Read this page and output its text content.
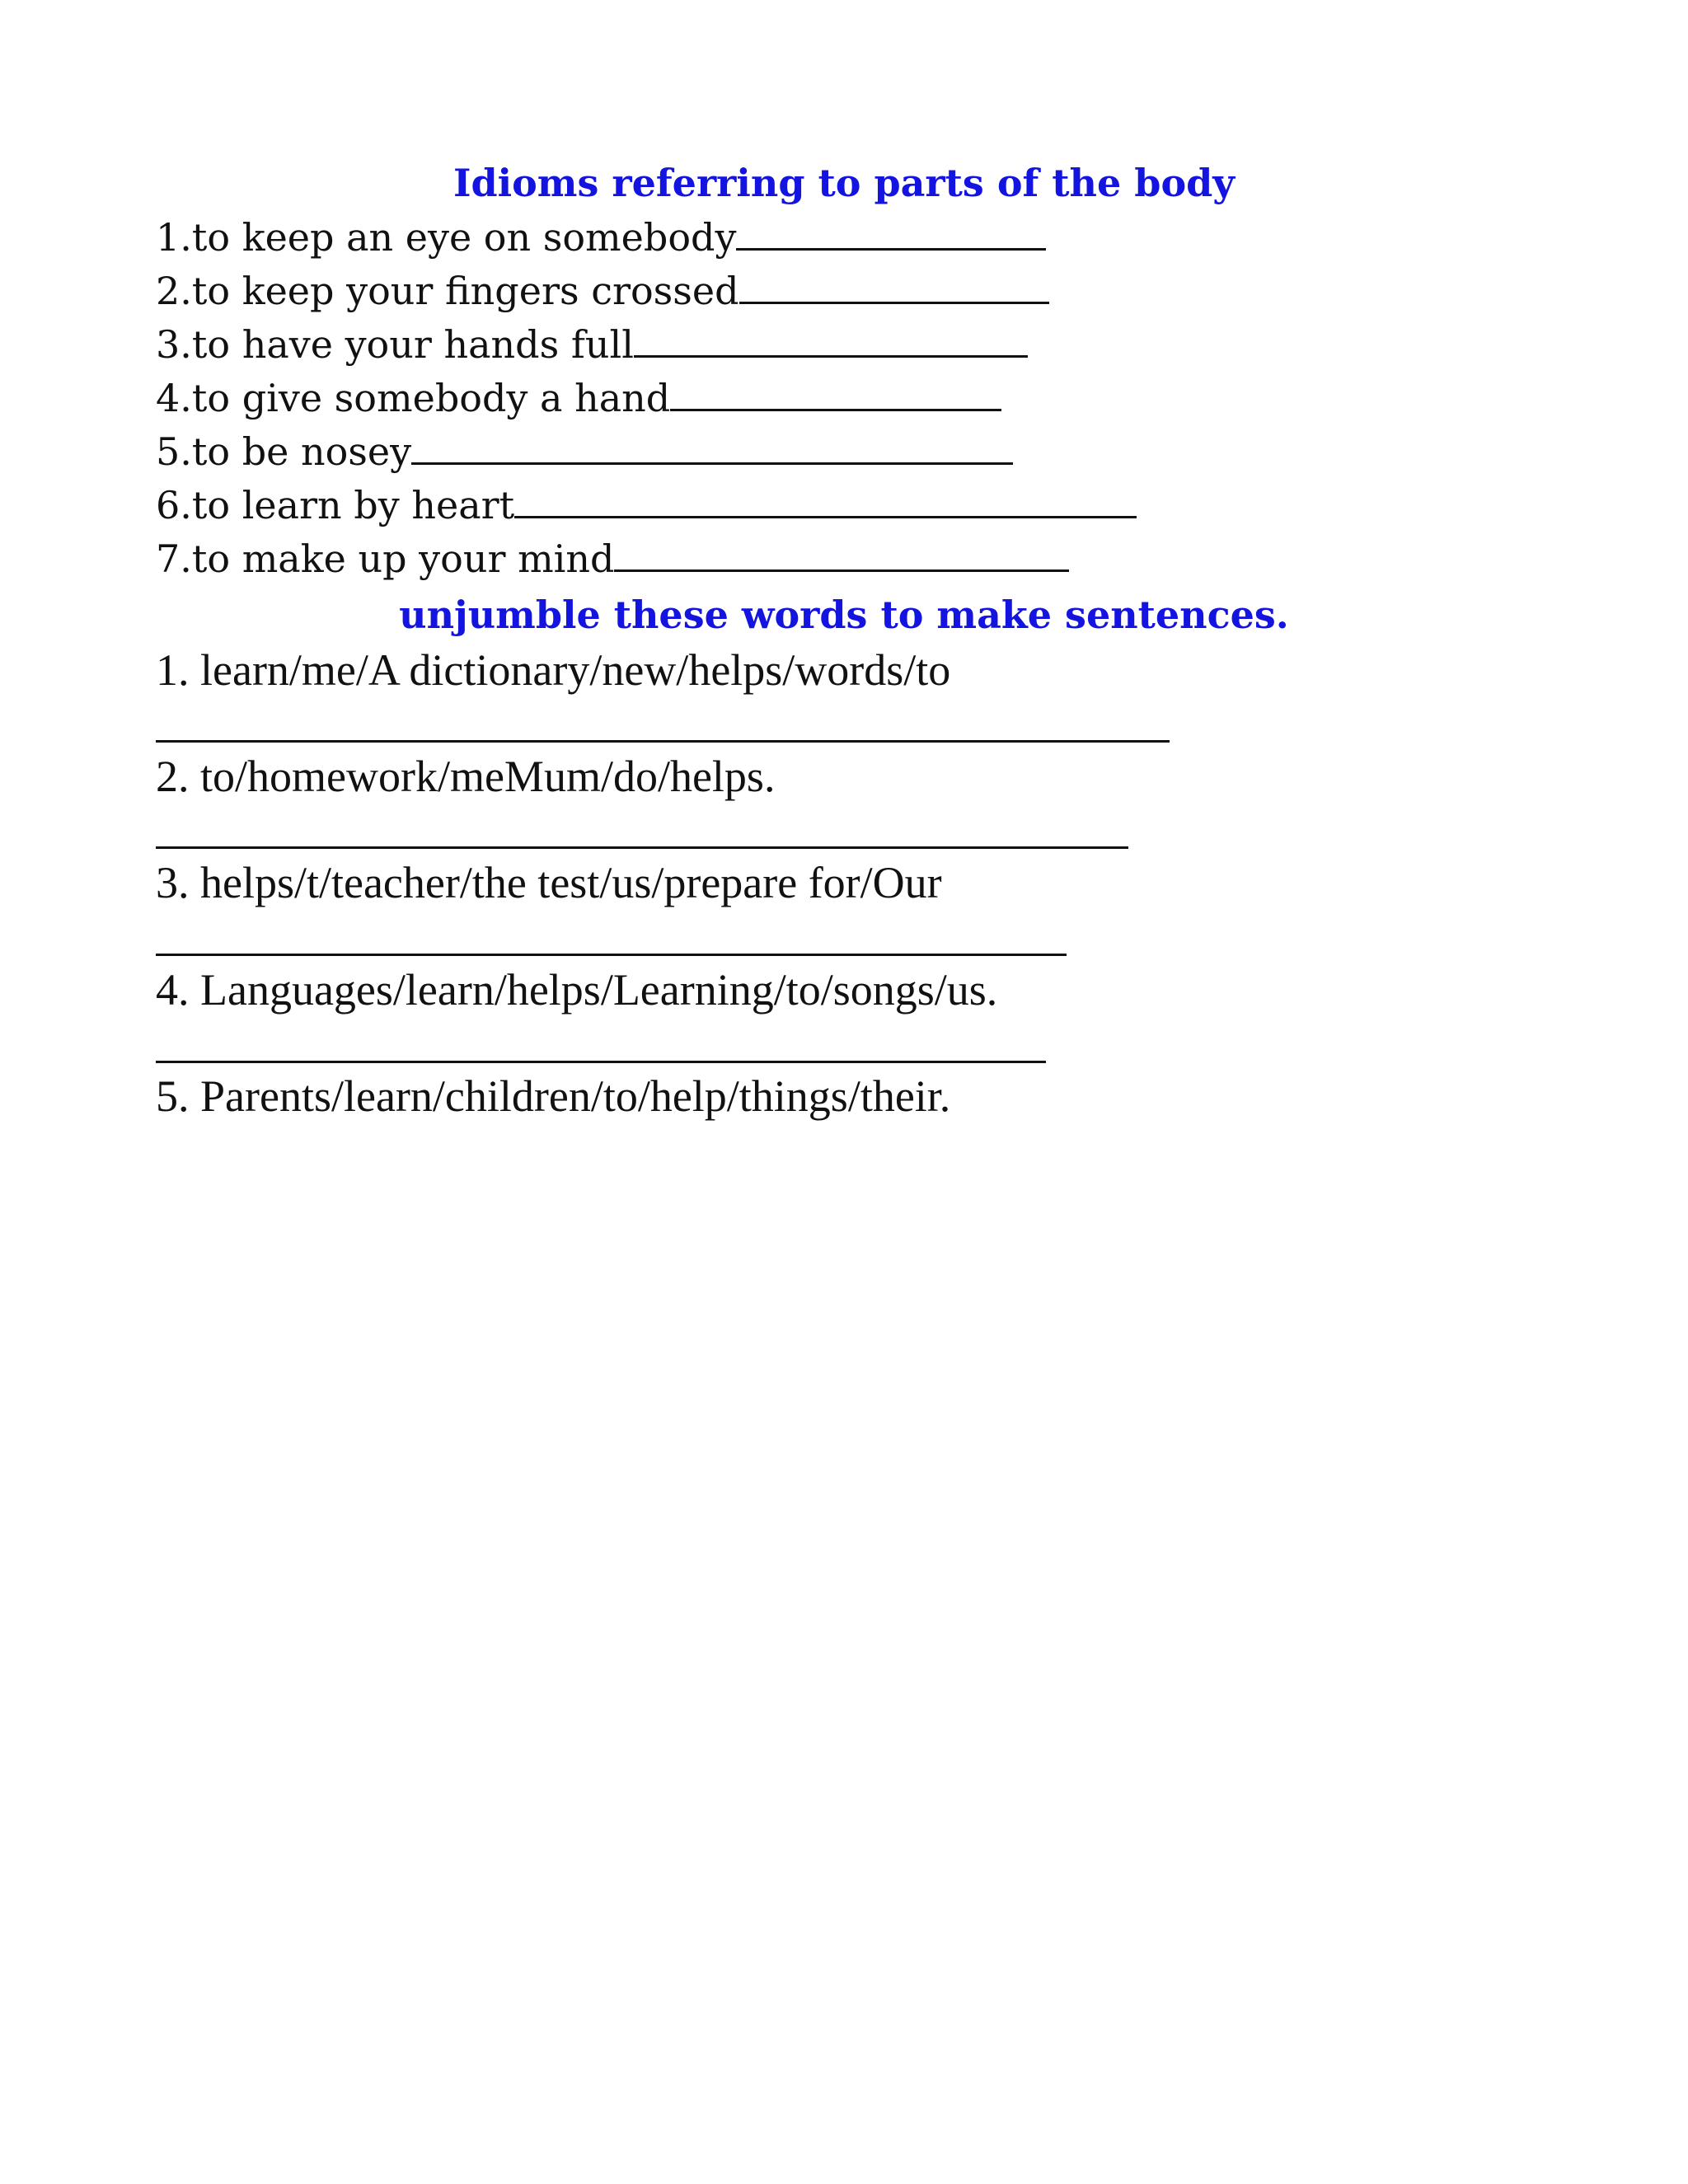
Idioms referring to parts of the body
1.to keep an eye on somebody
2.to keep your fingers crossed
3.to have your hands full
4.to give somebody a hand
5.to be nosey
6.to learn by heart
7.to make up your mind
unjumble these words to make sentences.
1. learn/me/A dictionary/new/helps/words/to
2. to/homework/meMum/do/helps.
3. helps/t/teacher/the test/us/prepare for/Our
4. Languages/learn/helps/Learning/to/songs/us.
5. Parents/learn/children/to/help/things/their.
